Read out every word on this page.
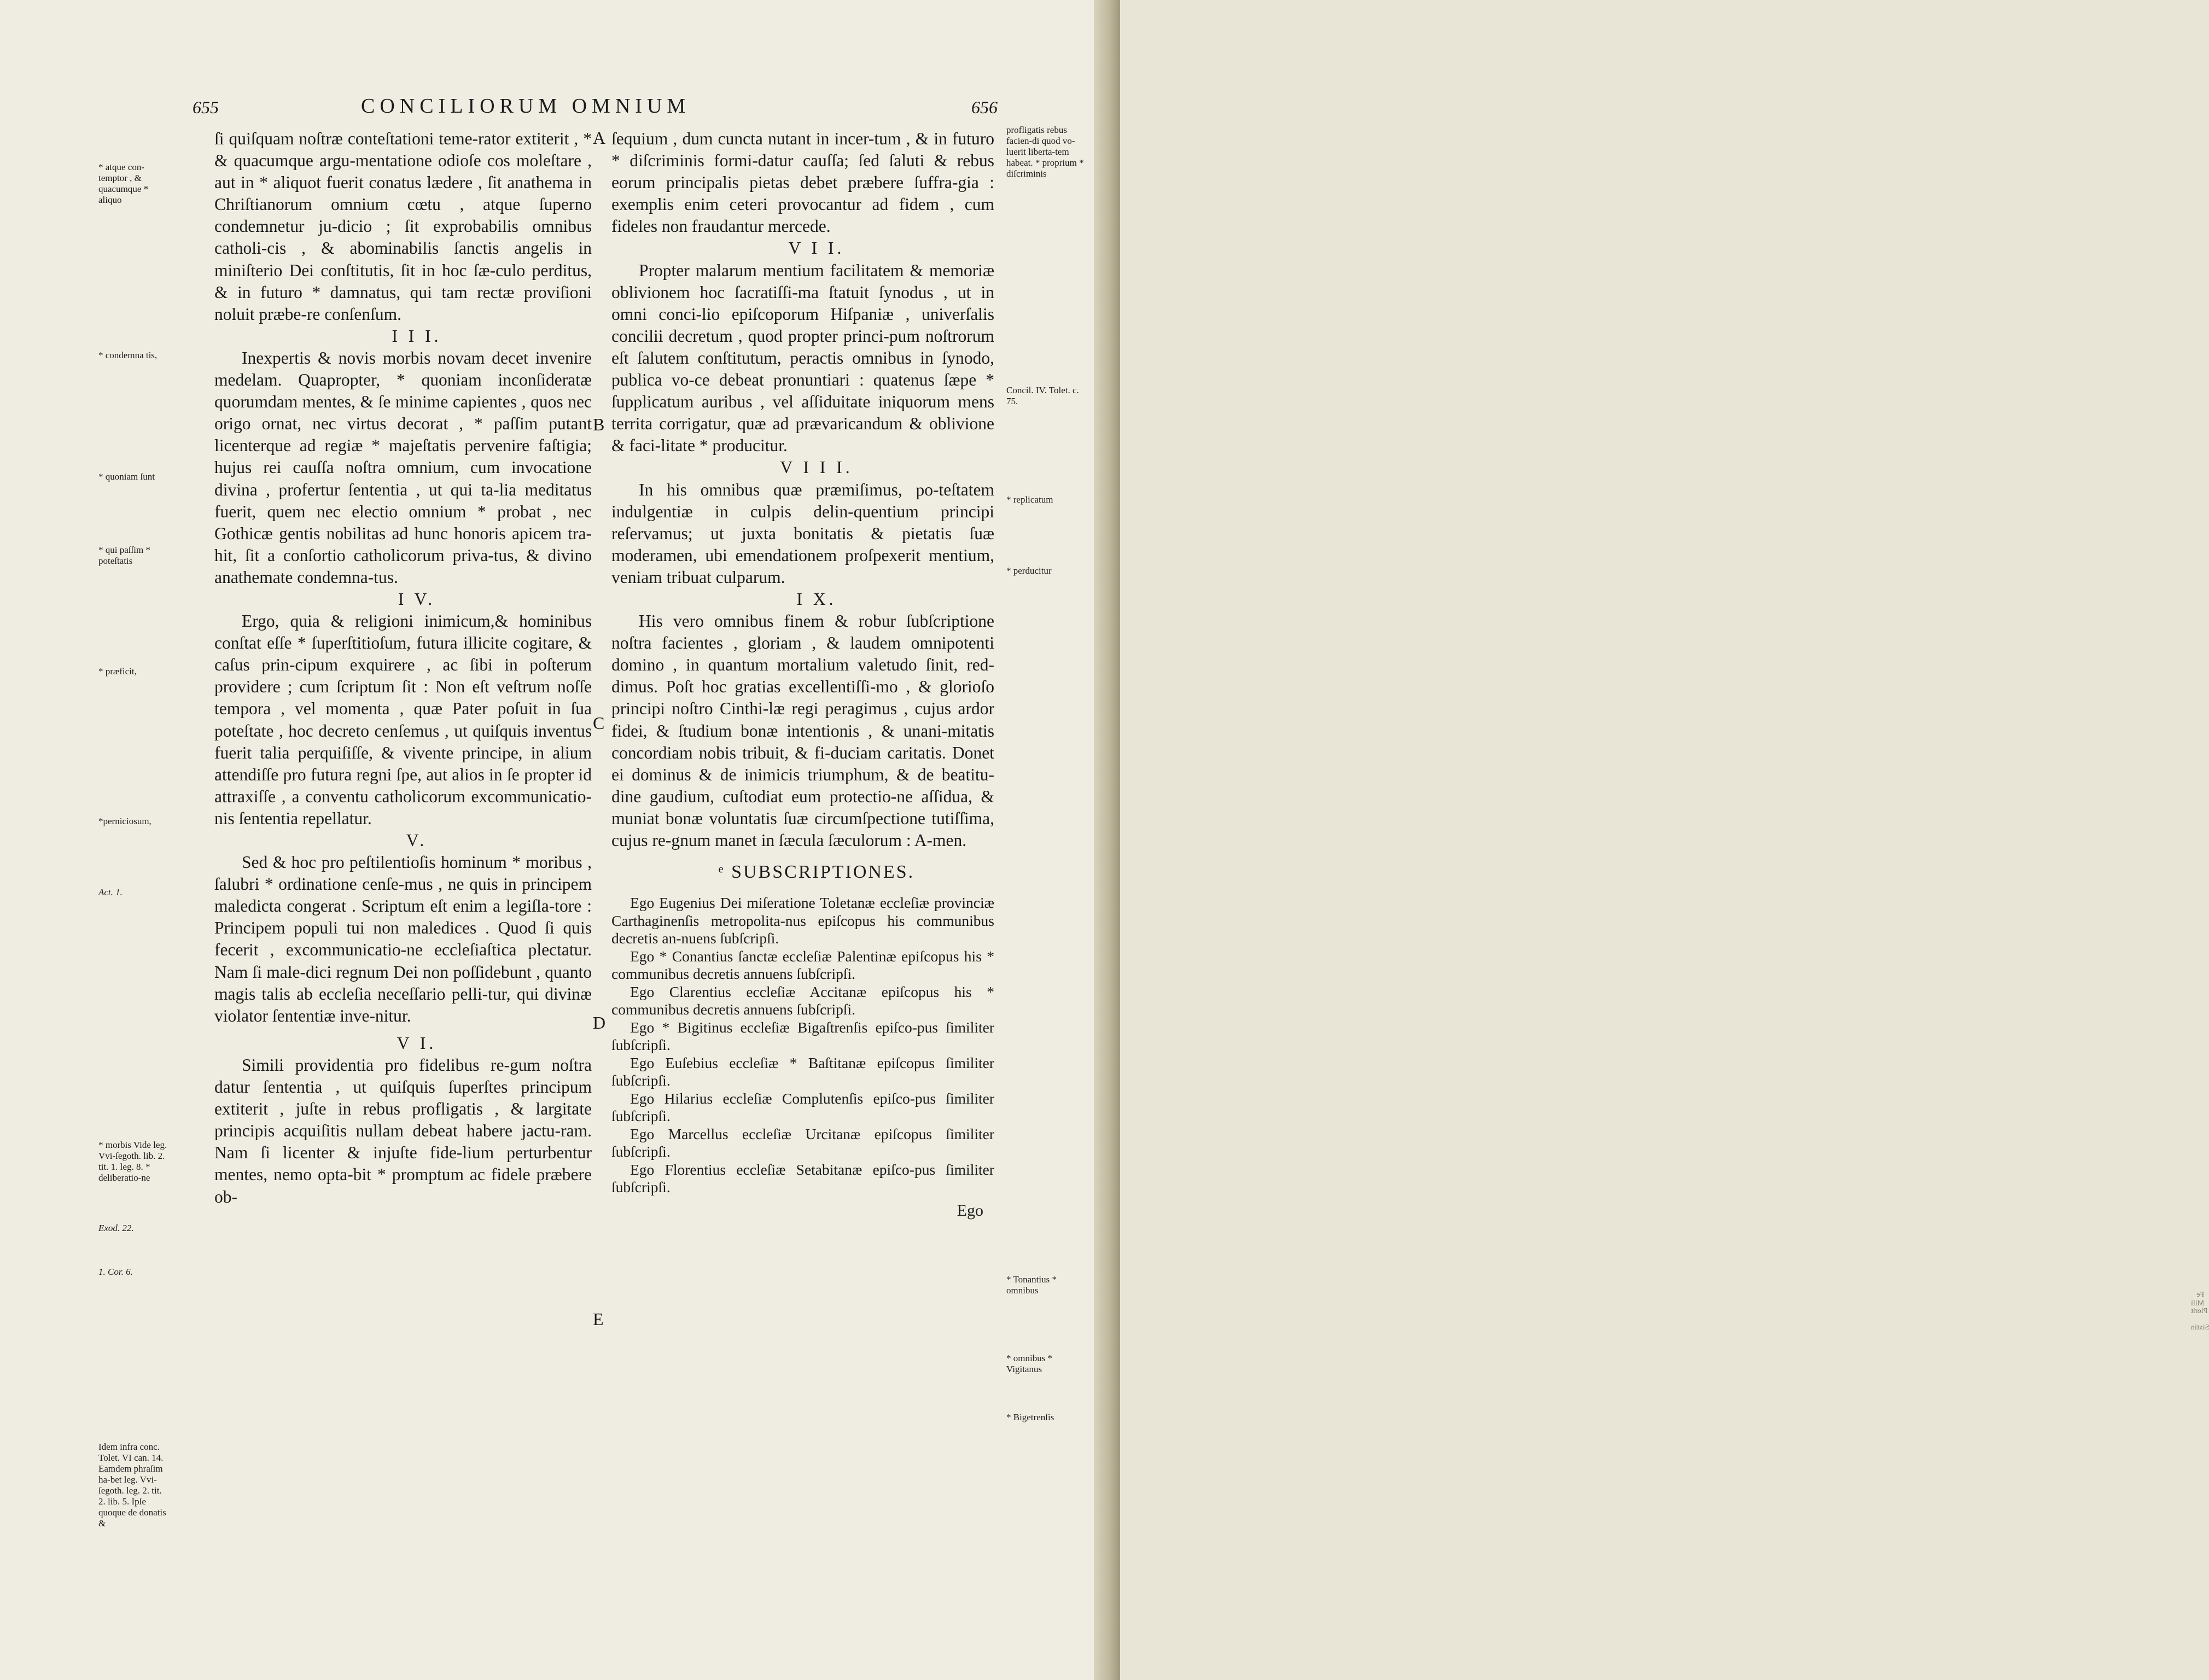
655	CONCILIORUM OMNIUM	656

ſi quiſquam noſtræ conteſtationi teme-rator extiterit , * & quacumque argu-mentatione odioſe cos moleſtare , aut in * aliquot fuerit conatus lædere , ſit anathema in Chriſtianorum omnium cœtu , atque ſuperno condemnetur ju-dicio ; ſit exprobabilis omnibus catholi-cis , & abominabilis ſanctis angelis in miniſterio Dei conſtitutis, ſit in hoc ſæ-culo perditus, & in futuro * damnatus, qui tam rectæ proviſioni noluit præbe-re conſenſum.

I I I.

Inexpertis & novis morbis novam decet invenire medelam. Quapropter, * quoniam inconſideratæ quorumdam mentes, & ſe minime capientes , quos nec origo ornat, nec virtus decorat , * paſſim putant licenterque ad regiæ * majeſtatis pervenire faſtigia; hujus rei cauſſa noſtra omnium, cum invocatione divina , profertur ſententia , ut qui ta-lia meditatus fuerit, quem nec electio omnium * probat , nec Gothicæ gentis nobilitas ad hunc honoris apicem tra-hit, ſit a conſortio catholicorum priva-tus, & divino anathemate condemna-tus.

I V.

Ergo, quia & religioni inimicum,& hominibus conſtat eſſe * ſuperſtitioſum, futura illicite cogitare, & caſus prin-cipum exquirere , ac ſibi in poſterum providere ; cum ſcriptum ſit : Non eſt veſtrum noſſe tempora , vel momenta , quæ Pater poſuit in ſua poteſtate , hoc decreto cenſemus , ut quiſquis inventus fuerit talia perquiſiſſe, & vivente principe, in alium attendiſſe pro futura regni ſpe, aut alios in ſe propter id attraxiſſe , a conventu catholicorum excommunicatio-nis ſententia repellatur.

V.

Sed & hoc pro peſtilentioſis hominum * moribus , ſalubri * ordinatione cenſe-mus , ne quis in principem maledicta congerat . Scriptum eſt enim a legiſla-tore : Principem populi tui non maledices . Quod ſi quis fecerit , excommunicatio-ne eccleſiaſtica plectatur. Nam ſi male-dici regnum Dei non poſſidebunt , quanto magis talis ab eccleſia neceſſario pelli-tur, qui divinæ violator ſententiæ inve-nitur.

V I.

Simili providentia pro fidelibus re-gum noſtra datur ſententia , ut quiſquis ſuperſtes principum extiterit , juſte in rebus profligatis , & largitate principis acquiſitis nullam debeat habere jactu-ram. Nam ſi licenter & injuſte fide-lium perturbentur mentes, nemo opta-bit * promptum ac fidele præbere ob-

ſequium , dum cuncta nutant in incer-tum , & in futuro * diſcriminis formi-datur cauſſa; ſed ſaluti & rebus eorum principalis pietas debet præbere ſuffra-gia : exemplis enim ceteri provocantur ad fidem , cum fideles non fraudantur mercede.

V I I.

Propter malarum mentium facilitatem & memoriæ oblivionem hoc ſacratiſſi-ma ſtatuit ſynodus , ut in omni conci-lio epiſcoporum Hiſpaniæ , univerſalis concilii decretum , quod propter princi-pum noſtrorum eſt ſalutem conſtitutum, peractis omnibus in ſynodo, publica vo-ce debeat pronuntiari : quatenus ſæpe * ſupplicatum auribus , vel aſſiduitate iniquorum mens territa corrigatur, quæ ad prævaricandum & oblivione & faci-litate * producitur.

V I I I.

In his omnibus quæ præmiſimus, po-teſtatem indulgentiæ in culpis delin-quentium principi reſervamus; ut juxta bonitatis & pietatis ſuæ moderamen, ubi emendationem proſpexerit mentium, veniam tribuat culparum.

I X.

His vero omnibus finem & robur ſubſcriptione noſtra facientes , gloriam , & laudem omnipotenti domino , in quantum mortalium valetudo ſinit, red-dimus. Poſt hoc gratias excellentiſſi-mo , & glorioſo principi noſtro Cinthi-læ regi peragimus , cujus ardor fidei, & ſtudium bonæ intentionis , & unani-mitatis concordiam nobis tribuit, & fi-duciam caritatis. Donet ei dominus & de inimicis triumphum, & de beatitu-dine gaudium, cuſtodiat eum protectio-ne aſſidua, & muniat bonæ voluntatis ſuæ circumſpectione tutiſſima, cujus re-gnum manet in ſæcula ſæculorum : A-men.

ᵉ SUBSCRIPTIONES.

Ego Eugenius Dei miſeratione Toletanæ eccleſiæ provinciæ Carthaginenſis metropolita-nus epiſcopus his communibus decretis an-nuens ſubſcripſi.

Ego * Conantius ſanctæ eccleſiæ Palentinæ epiſcopus his * communibus decretis annuens ſubſcripſi.

Ego Clarentius eccleſiæ Accitanæ epiſcopus his * communibus decretis annuens ſubſcripſi.

Ego * Bigitinus eccleſiæ Bigaſtrenſis epiſco-pus ſimiliter ſubſcripſi.

Ego Euſebius eccleſiæ * Baſtitanæ epiſcopus ſimiliter ſubſcripſi.

Ego Hilarius eccleſiæ Complutenſis epiſco-pus ſimiliter ſubſcripſi.

Ego Marcellus eccleſiæ Urcitanæ epiſcopus ſimiliter ſubſcripſi.

Ego Florentius eccleſiæ Setabitanæ epiſco-pus ſimiliter ſubſcripſi.

Ego
A
B
C
D
E
* atque con-temptor , & quacumque * aliquo
* condemna tis,
* quoniam ſunt
* qui paſſim * poteſtatis
* præficit,
*perniciosum,
Act. 1.
* morbis Vide leg. Vvi-ſegoth. lib. 2. tit. 1. leg. 8. * deliberatio-ne
Exod. 22.
1. Cor. 6.
Idem infra conc. Tolet. VI can. 14. Eamdem phraſim ha-bet leg. Vvi-ſegoth. leg. 2. tit. 2. lib. 5. Ipſe quoque de donatis &
profligatis rebus facien-di quod vo-luerit liberta-tem habeat. * proprium * diſcriminis
Concil. IV. Tolet. c. 75.
* replicatum
* perducitur
* Tonantius * omnibus
* omnibus * Vigitanus
* Bigetrenſis
Fe Mili
Pierit
Sixtin
